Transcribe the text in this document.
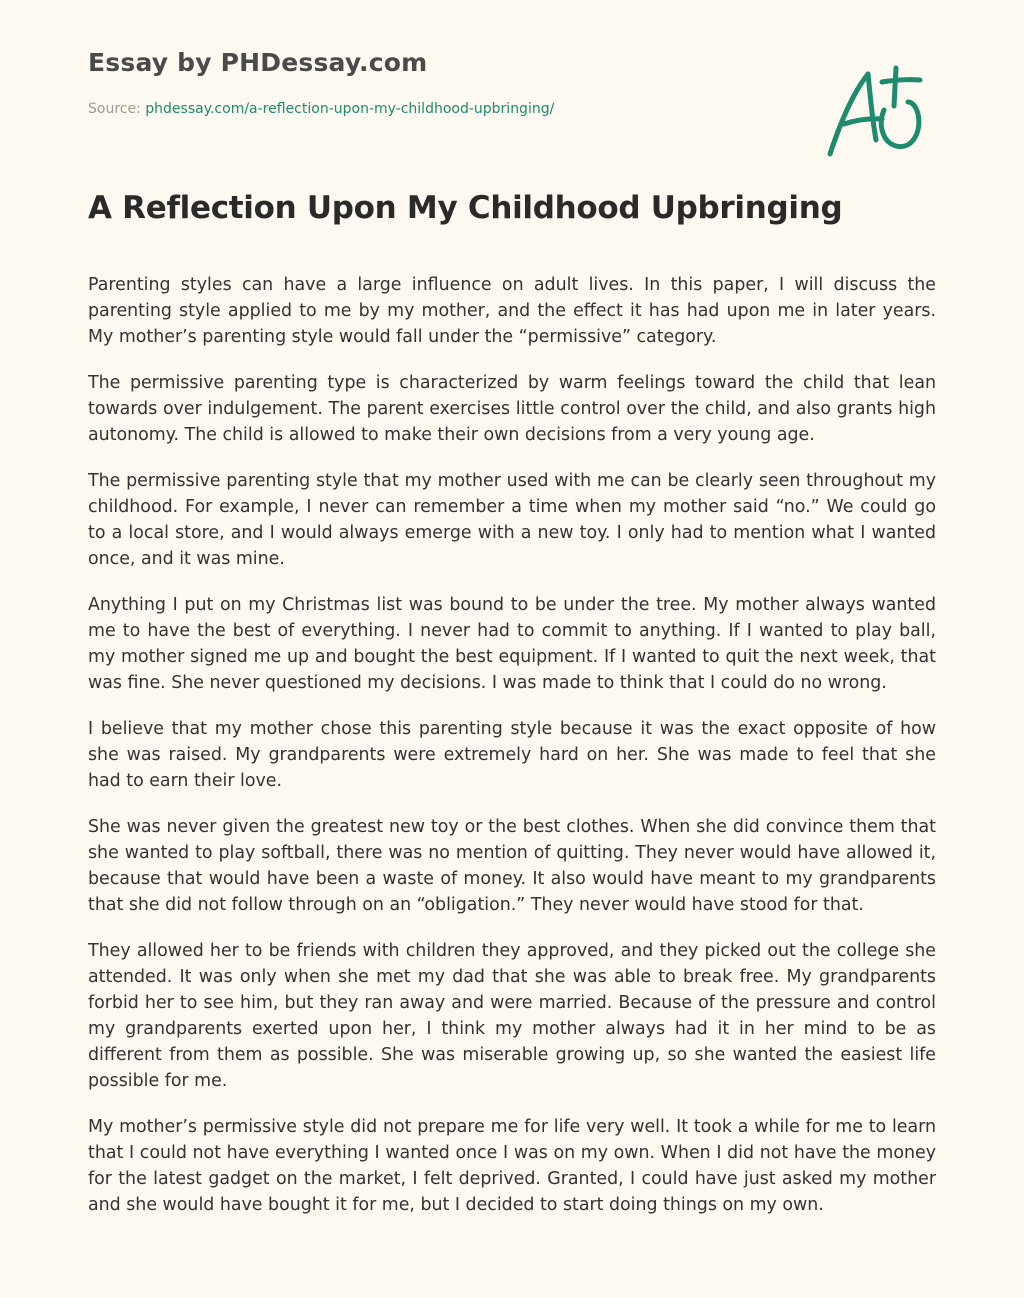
Essay by PHDessay.com
Source: phdessay.com/a-reflection-upon-my-childhood-upbringing/
A Reflection Upon My Childhood Upbringing

Parenting styles can have a large influence on adult lives. In this paper, I will discuss the parenting style applied to me by my mother, and the effect it has had upon me in later years. My mother’s parenting style would fall under the “permissive” category.

The permissive parenting type is characterized by warm feelings toward the child that lean towards over indulgement. The parent exercises little control over the child, and also grants high autonomy. The child is allowed to make their own decisions from a very young age.

The permissive parenting style that my mother used with me can be clearly seen throughout my childhood. For example, I never can remember a time when my mother said “no.” We could go to a local store, and I would always emerge with a new toy. I only had to mention what I wanted once, and it was mine.

Anything I put on my Christmas list was bound to be under the tree. My mother always wanted me to have the best of everything. I never had to commit to anything. If I wanted to play ball, my mother signed me up and bought the best equipment. If I wanted to quit the next week, that was fine. She never questioned my decisions. I was made to think that I could do no wrong.

I believe that my mother chose this parenting style because it was the exact opposite of how she was raised. My grandparents were extremely hard on her. She was made to feel that she had to earn their love.

She was never given the greatest new toy or the best clothes. When she did convince them that she wanted to play softball, there was no mention of quitting. They never would have allowed it, because that would have been a waste of money. It also would have meant to my grandparents that she did not follow through on an “obligation.” They never would have stood for that.

They allowed her to be friends with children they approved, and they picked out the college she attended. It was only when she met my dad that she was able to break free. My grandparents forbid her to see him, but they ran away and were married. Because of the pressure and control my grandparents exerted upon her, I think my mother always had it in her mind to be as different from them as possible. She was miserable growing up, so she wanted the easiest life possible for me.

My mother’s permissive style did not prepare me for life very well. It took a while for me to learn that I could not have everything I wanted once I was on my own. When I did not have the money for the latest gadget on the market, I felt deprived. Granted, I could have just asked my mother and she would have bought it for me, but I decided to start doing things on my own.
